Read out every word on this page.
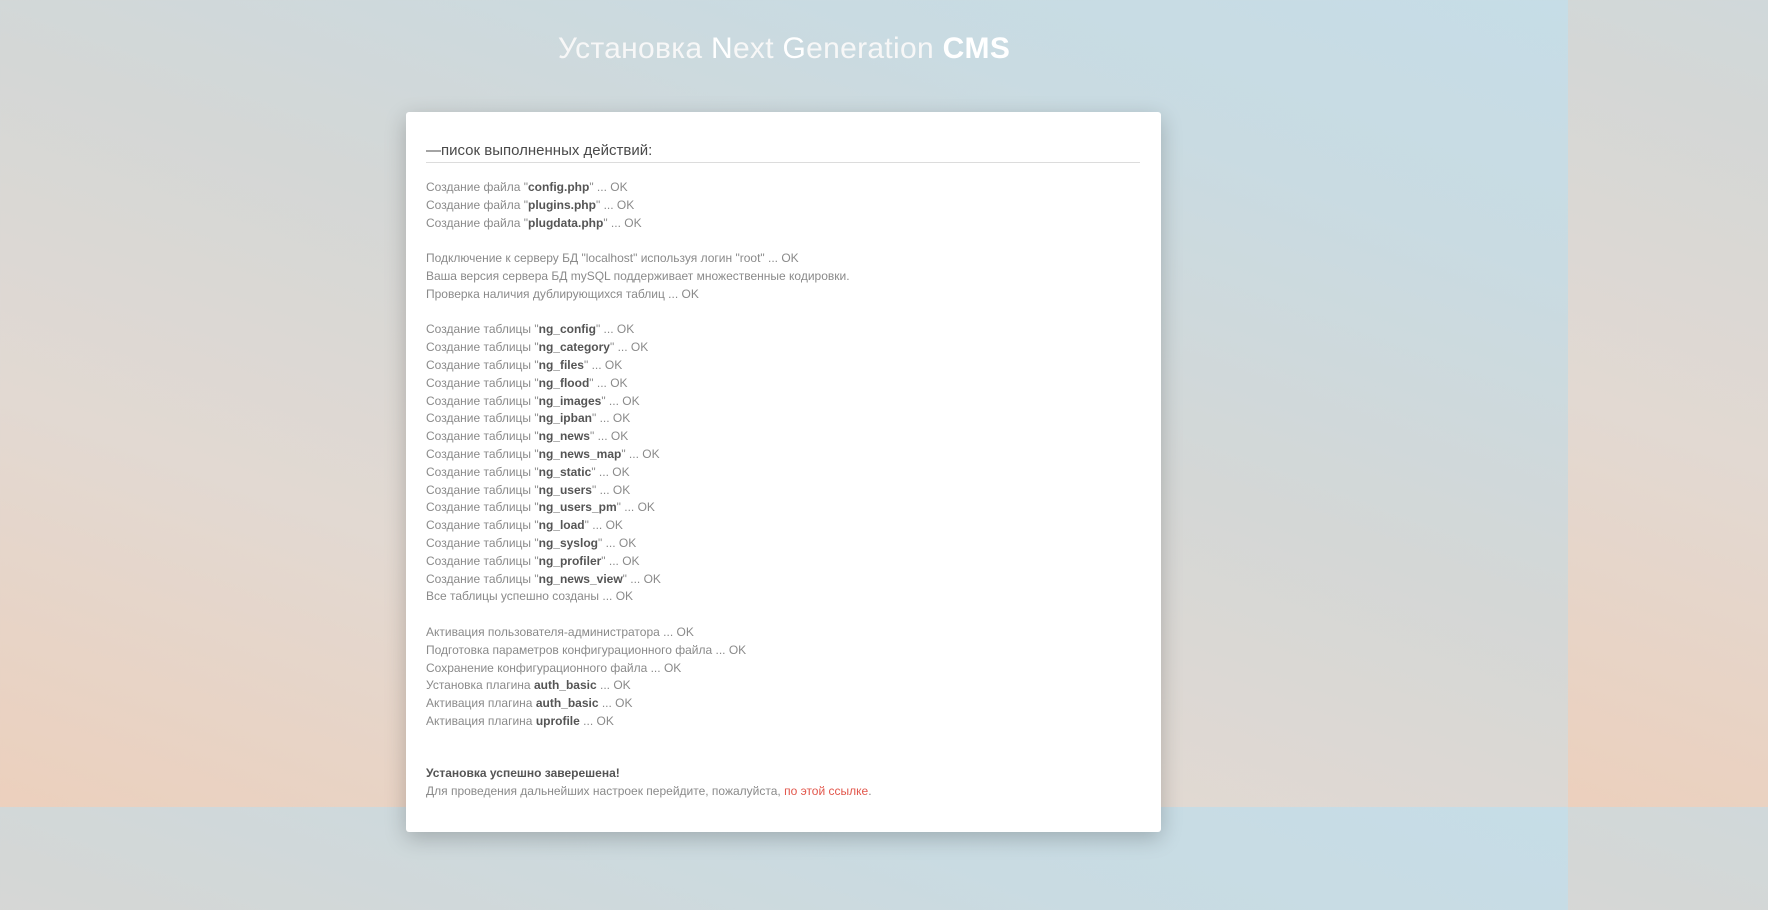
Установка Next Generation CMS
—писок выполненных действий:
Создание файла "config.php" ... OK
Создание файла "plugins.php" ... OK
Создание файла "plugdata.php" ... OK
Подключение к серверу БД "localhost" используя логин "root" ... OK
Ваша версия сервера БД mySQL поддерживает множественные кодировки.
Проверка наличия дублирующихся таблиц ... OK
Создание таблицы "ng_config" ... OK
Создание таблицы "ng_category" ... OK
Создание таблицы "ng_files" ... OK
Создание таблицы "ng_flood" ... OK
Создание таблицы "ng_images" ... OK
Создание таблицы "ng_ipban" ... OK
Создание таблицы "ng_news" ... OK
Создание таблицы "ng_news_map" ... OK
Создание таблицы "ng_static" ... OK
Создание таблицы "ng_users" ... OK
Создание таблицы "ng_users_pm" ... OK
Создание таблицы "ng_load" ... OK
Создание таблицы "ng_syslog" ... OK
Создание таблицы "ng_profiler" ... OK
Создание таблицы "ng_news_view" ... OK
Все таблицы успешно созданы ... OK
Активация пользователя-администратора ... OK
Подготовка параметров конфигурационного файла ... OK
Сохранение конфигурационного файла ... OK
Установка плагина auth_basic ... OK
Активация плагина auth_basic ... OK
Активация плагина uprofile ... OK
Установка успешно заверешена!
Для проведения дальнейших настроек перейдите, пожалуйста, по этой ссылке.
